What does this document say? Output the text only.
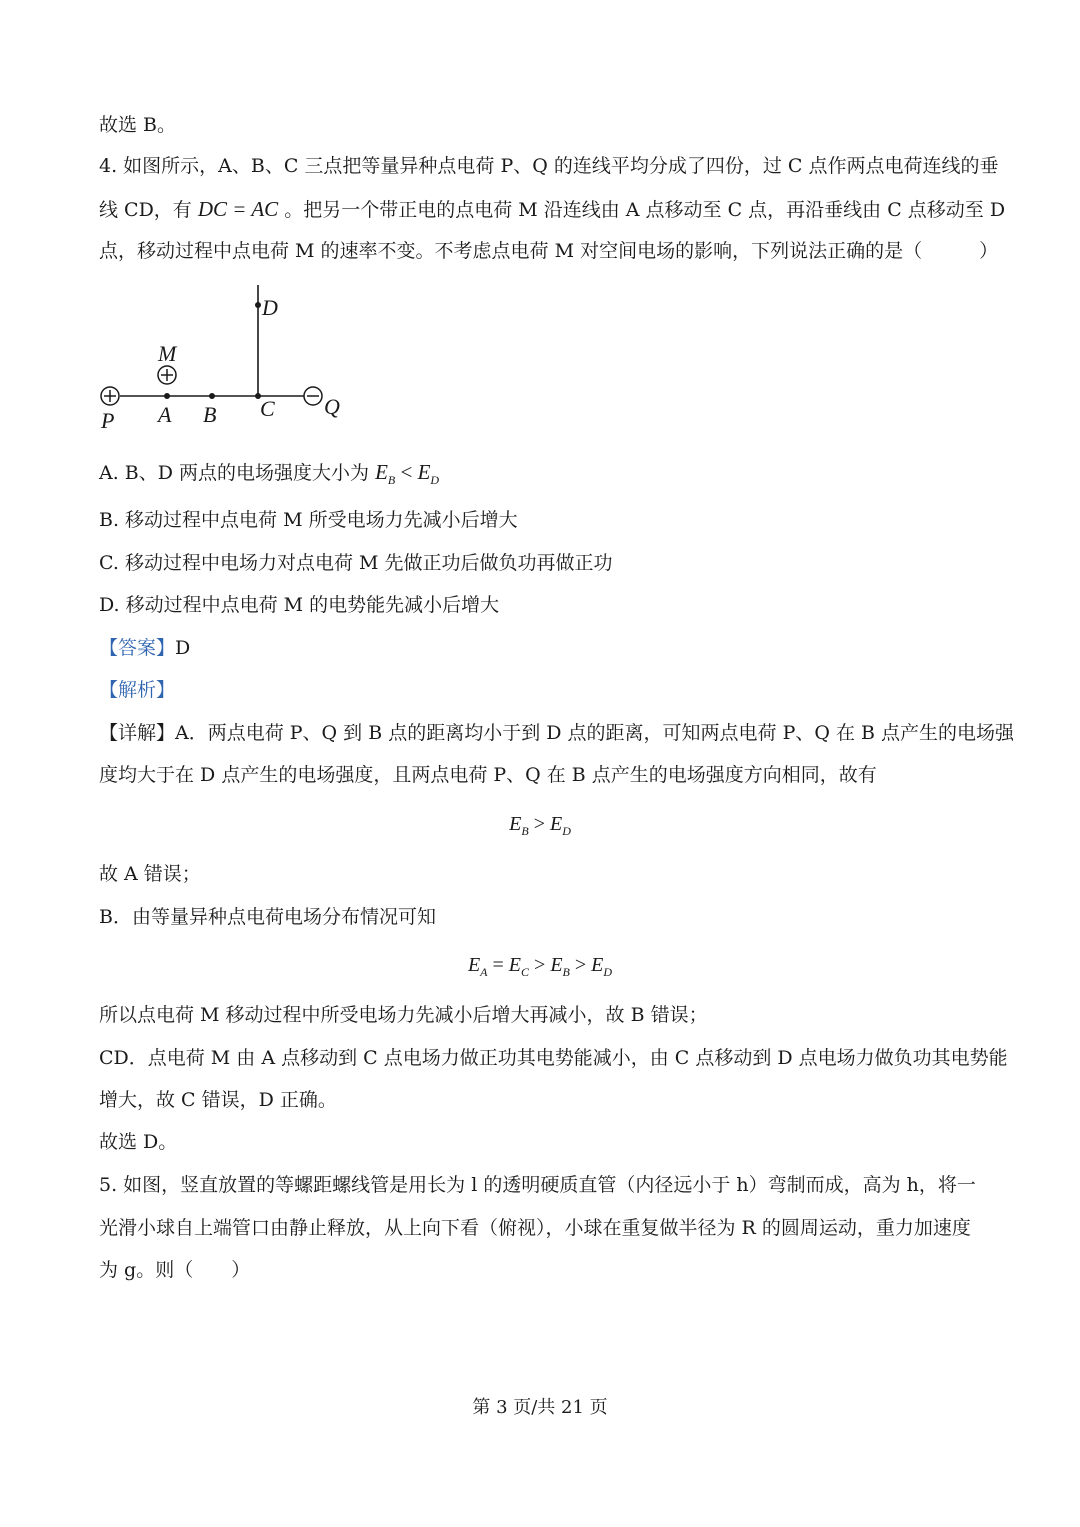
故选 B。
4. 如图所示，A、B、C 三点把等量异种点电荷 P、Q 的连线平均分成了四份，过 C 点作两点电荷连线的垂
线 CD，有 DC = AC 。把另一个带正电的点电荷 M 沿连线由 A 点移动至 C 点，再沿垂线由 C 点移动至 D
点，移动过程中点电荷 M 的速率不变。不考虑点电荷 M 对空间电场的影响，下列说法正确的是（　　　）
D
M
P A B C Q
A. B、D 两点的电场强度大小为 $E_B < E_D$
B. 移动过程中点电荷 M 所受电场力先减小后增大
C. 移动过程中电场力对点电荷 M 先做正功后做负功再做正功
D. 移动过程中点电荷 M 的电势能先减小后增大
【答案】D
【解析】
【详解】A．两点电荷 P、Q 到 B 点的距离均小于到 D 点的距离，可知两点电荷 P、Q 在 B 点产生的电场强
度均大于在 D 点产生的电场强度，且两点电荷 P、Q 在 B 点产生的电场强度方向相同，故有
$E_B > E_D$
故 A 错误；
B．由等量异种点电荷电场分布情况可知
$E_A = E_C > E_B > E_D$
所以点电荷 M 移动过程中所受电场力先减小后增大再减小，故 B 错误；
CD．点电荷 M 由 A 点移动到 C 点电场力做正功其电势能减小，由 C 点移动到 D 点电场力做负功其电势能
增大，故 C 错误，D 正确。
故选 D。
5. 如图，竖直放置的等螺距螺线管是用长为 l 的透明硬质直管（内径远小于 h）弯制而成，高为 h，将一
光滑小球自上端管口由静止释放，从上向下看（俯视），小球在重复做半径为 R 的圆周运动，重力加速度
为 g。则（　　）
第 3 页/共 21 页
